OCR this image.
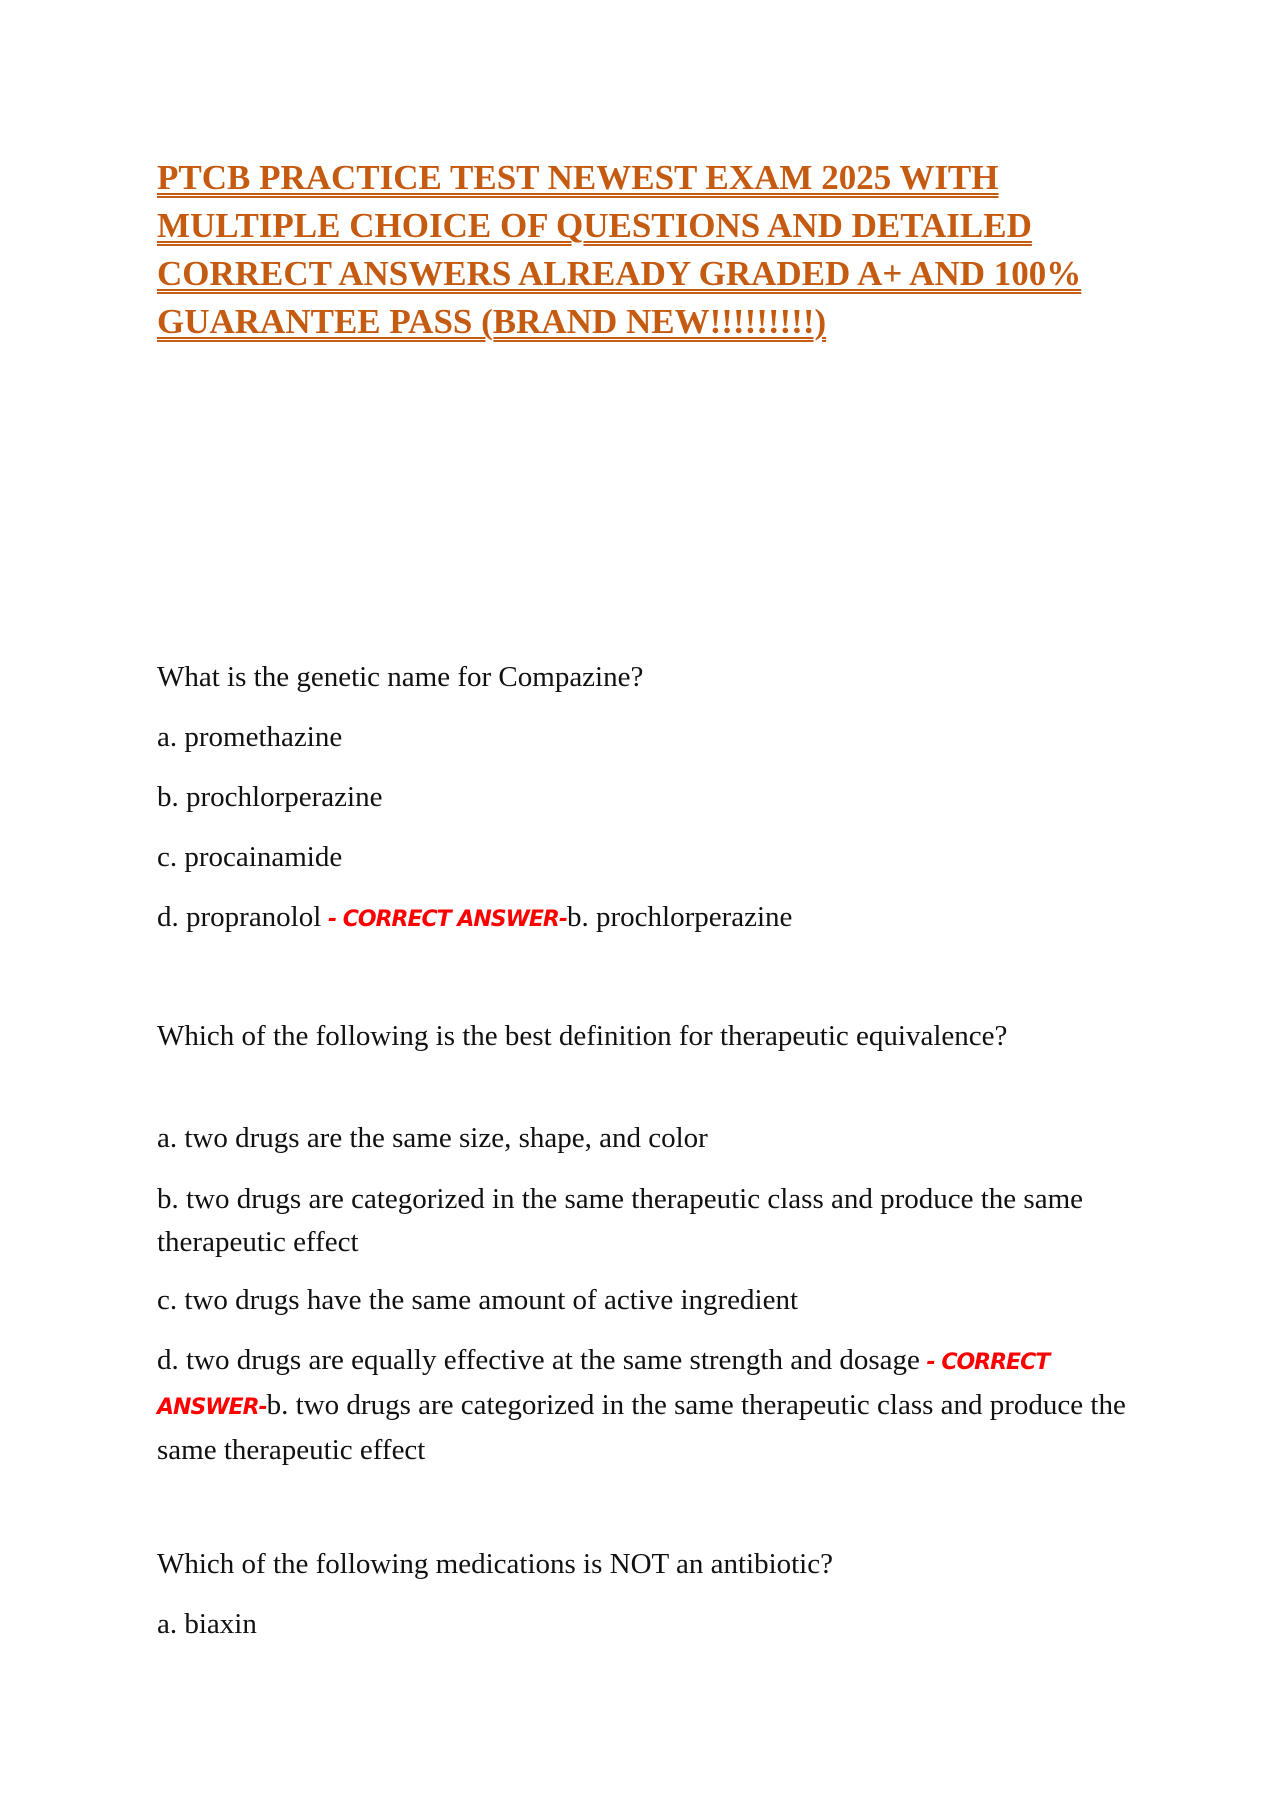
PTCB PRACTICE TEST NEWEST EXAM 2025 WITH MULTIPLE CHOICE OF QUESTIONS AND DETAILED CORRECT ANSWERS ALREADY GRADED A+ AND 100% GUARANTEE PASS (BRAND NEW!!!!!!!!!)
What is the genetic name for Compazine?
a. promethazine
b. prochlorperazine
c. procainamide
d. propranolol - CORRECT ANSWER-b. prochlorperazine
Which of the following is the best definition for therapeutic equivalence?
a. two drugs are the same size, shape, and color
b. two drugs are categorized in the same therapeutic class and produce the same therapeutic effect
c. two drugs have the same amount of active ingredient
d. two drugs are equally effective at the same strength and dosage - CORRECT ANSWER-b. two drugs are categorized in the same therapeutic class and produce the same therapeutic effect
Which of the following medications is NOT an antibiotic?
a. biaxin
